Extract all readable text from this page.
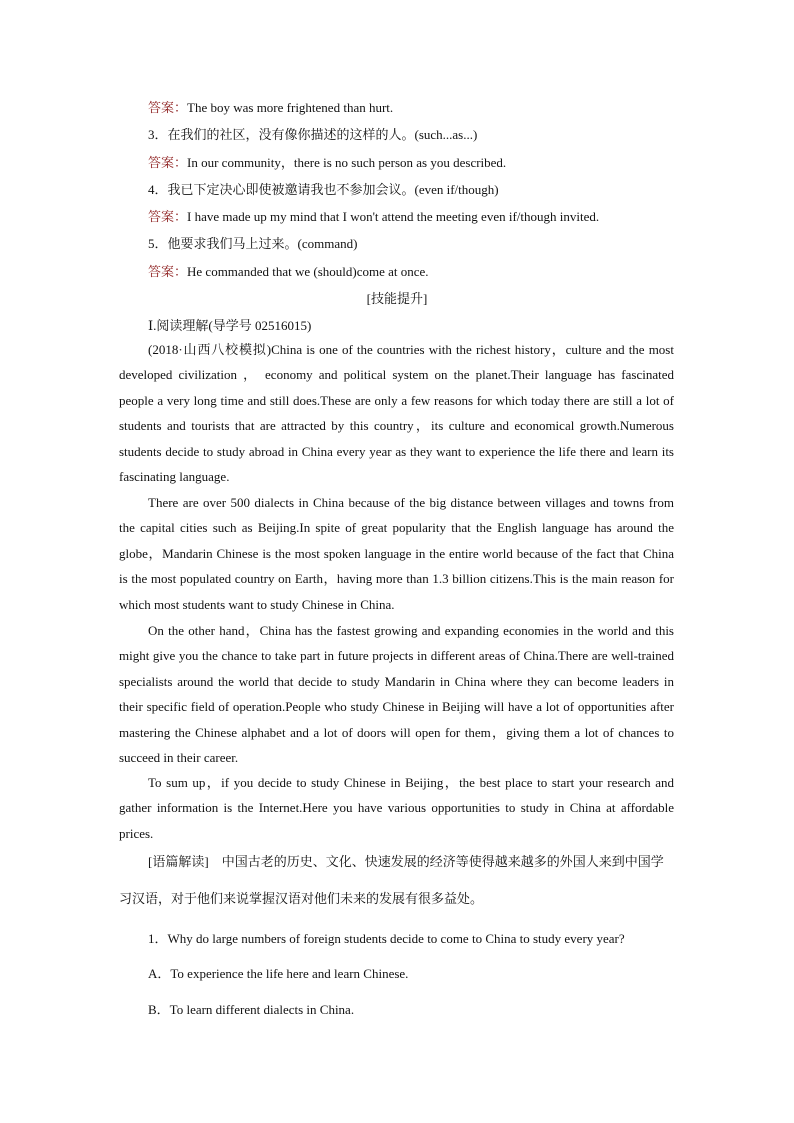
答案：The boy was more frightened than hurt.
3．在我们的社区，没有像你描述的这样的人。(such...as...)
答案：In our community，there is no such person as you described.
4．我已下定决心即使被邀请我也不参加会议。(even if/though)
答案：I have made up my mind that I won't attend the meeting even if/though invited.
5．他要求我们马上过来。(command)
答案：He commanded that we (should)come at once.
[技能提升]
Ⅰ.阅读理解(导学号 02516015)

(2018·山西八校模拟)China is one of the countries with the richest history，culture and the most developed civilization ， economy and political system on the planet.Their language has fascinated people a very long time and still does.These are only a few reasons for which today there are still a lot of students and tourists that are attracted by this country，its culture and economical growth.Numerous students decide to study abroad in China every year as they want to experience the life there and learn its fascinating language.

There are over 500 dialects in China because of the big distance between villages and towns from the capital cities such as Beijing.In spite of great popularity that the English language has around the globe，Mandarin Chinese is the most spoken language in the entire world because of the fact that China is the most populated country on Earth，having more than 1.3 billion citizens.This is the main reason for which most students want to study Chinese in China.

On the other hand，China has the fastest growing and expanding economies in the world and this might give you the chance to take part in future projects in different areas of China.There are well-trained specialists around the world that decide to study Mandarin in China where they can become leaders in their specific field of operation.People who study Chinese in Beijing will have a lot of opportunities after mastering the Chinese alphabet and a lot of doors will open for them，giving them a lot of chances to succeed in their career.

To sum up，if you decide to study Chinese in Beijing，the best place to start your research and gather information is the Internet.Here you have various opportunities to study in China at affordable prices.

[语篇解读]　 中国古老的历史、文化、快速发展的经济等使得越来越多的外国人来到中国学习汉语，对于他们来说掌握汉语对他们未来的发展有很多益处。

1．Why do large numbers of foreign students decide to come to China to study every year?
A．To experience the life here and learn Chinese.
B．To learn different dialects in China.
